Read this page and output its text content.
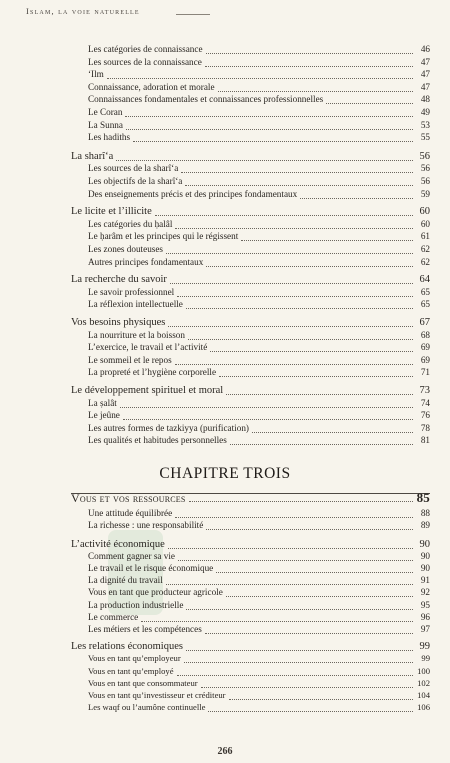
Islam, la voie naturelle
Les catégories de connaissance	46
Les sources de la connaissance	47
‘Ilm	47
Connaissance, adoration et morale	47
Connaissances fondamentales et connaissances professionnelles	48
Le Coran	49
La Sunna	53
Les hadiths	55
La sharî‘a	56
Les sources de la sharî‘a	56
Les objectifs de la sharî‘a	56
Des enseignements précis et des principes fondamentaux	59
Le licite et l’illicite	60
Les catégories du ḥalâl	60
Le ḥarâm et les principes qui le régissent	61
Les zones douteuses	62
Autres principes fondamentaux	62
La recherche du savoir	64
Le savoir professionnel	65
La réflexion intellectuelle	65
Vos besoins physiques	67
La nourriture et la boisson	68
L’exercice, le travail et l’activité	69
Le sommeil et le repos	69
La propreté et l’hygiène corporelle	71
Le développement spirituel et moral	73
La ṣalât	74
Le jeûne	76
Les autres formes de tazkiyya (purification)	78
Les qualités et habitudes personnelles	81
CHAPITRE TROIS
Vous et vos ressources	85
Une attitude équilibrée	88
La richesse : une responsabilité	89
L’activité économique	90
Comment gagner sa vie	90
Le travail et le risque économique	90
La dignité du travail	91
Vous en tant que producteur agricole	92
La production industrielle	95
Le commerce	96
Les métiers et les compétences	97
Les relations économiques	99
Vous en tant qu’employeur	99
Vous en tant qu’employé	100
Vous en tant que consommateur	102
Vous en tant qu’investisseur et créditeur	104
Les waqf ou l’aumône continuelle	106
266
